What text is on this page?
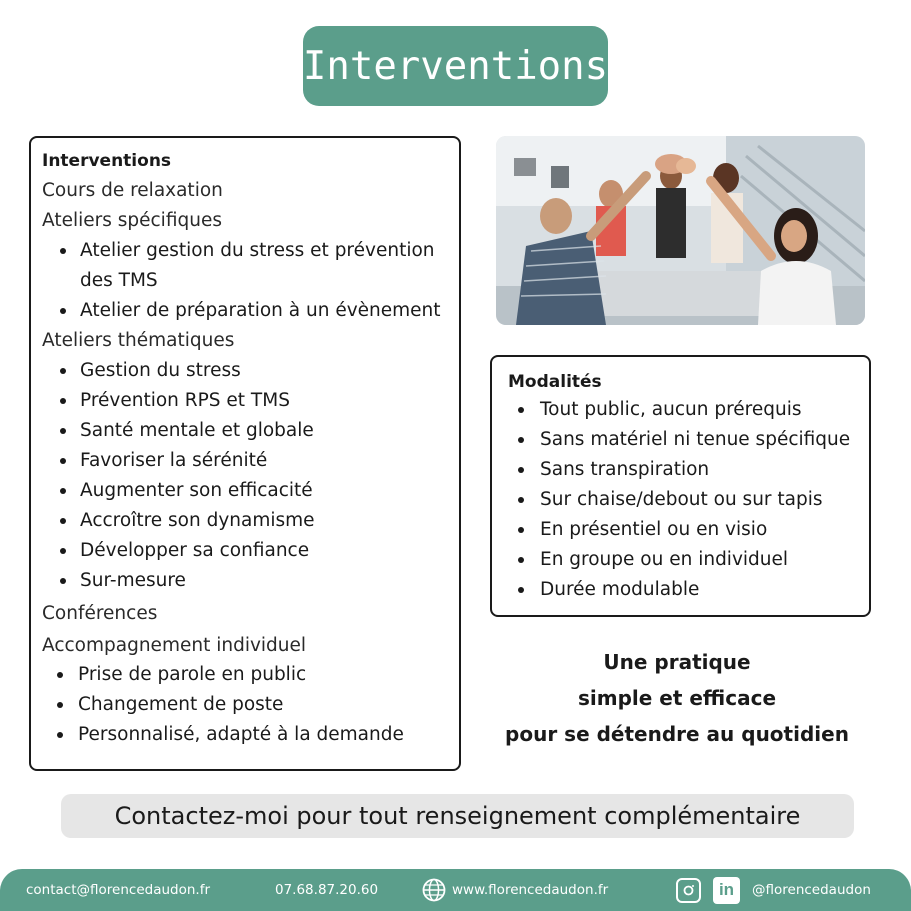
Interventions
Interventions
Cours de relaxation
Ateliers spécifiques
Atelier gestion du stress et prévention
des TMS
Atelier de préparation à un évènement
Ateliers thématiques
Gestion du stress
Prévention RPS et TMS
Santé mentale et globale
Favoriser la sérénité
Augmenter son efficacité
Accroître son dynamisme
Développer sa confiance
Sur-mesure
Conférences
Accompagnement individuel
Prise de parole en public
Changement de poste
Personnalisé, adapté à la demande
Modalités
Tout public, aucun prérequis
Sans matériel ni tenue spécifique
Sans transpiration
Sur chaise/debout ou sur tapis
En présentiel ou en visio
En groupe ou en individuel
Durée modulable
Une pratique
simple et efficace
pour se détendre au quotidien
Contactez-moi pour tout renseignement complémentaire
contact@florencedaudon.fr	07.68.87.20.60	www.florencedaudon.fr	in	@florencedaudon
